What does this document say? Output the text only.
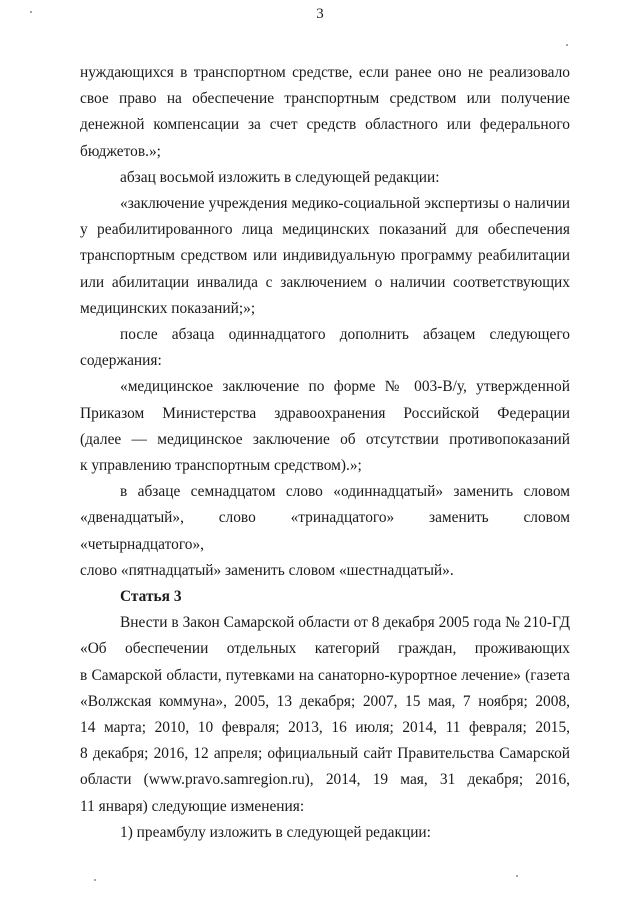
3
нуждающихся в транспортном средстве, если ранее оно не реализовало
свое право на обеспечение транспортным средством или получение
денежной компенсации за счет средств областного или федерального
бюджетов.»;
абзац восьмой изложить в следующей редакции:
«заключение учреждения медико-социальной экспертизы о наличии
у реабилитированного лица медицинских показаний для обеспечения
транспортным средством или индивидуальную программу реабилитации
или абилитации инвалида с заключением о наличии соответствующих
медицинских показаний;»;
после абзаца одиннадцатого дополнить абзацем следующего
содержания:
«медицинское заключение по форме № 003-В/у, утвержденной
Приказом Министерства здравоохранения Российской Федерации
(далее — медицинское заключение об отсутствии противопоказаний
к управлению транспортным средством).»;
в абзаце семнадцатом слово «одиннадцатый» заменить словом
«двенадцатый», слово «тринадцатого» заменить словом «четырнадцатого»,
слово «пятнадцатый» заменить словом «шестнадцатый».
Статья 3
Внести в Закон Самарской области от 8 декабря 2005 года № 210-ГД
«Об обеспечении отдельных категорий граждан, проживающих
в Самарской области, путевками на санаторно-курортное лечение» (газета
«Волжская коммуна», 2005, 13 декабря; 2007, 15 мая, 7 ноября; 2008,
14 марта; 2010, 10 февраля; 2013, 16 июля; 2014, 11 февраля; 2015,
8 декабря; 2016, 12 апреля; официальный сайт Правительства Самарской
области (www.pravo.samregion.ru), 2014, 19 мая, 31 декабря; 2016,
11 января) следующие изменения:
1) преамбулу изложить в следующей редакции:
